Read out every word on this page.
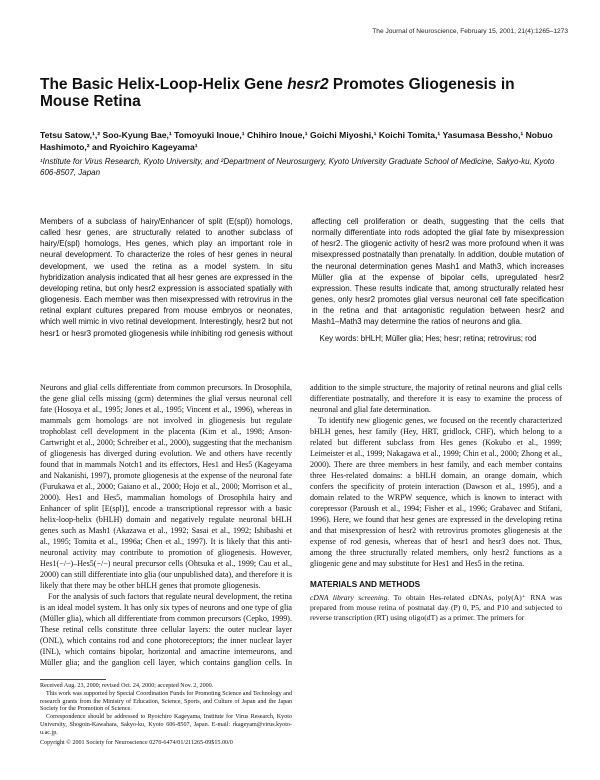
The Journal of Neuroscience, February 15, 2001, 21(4):1265–1273
The Basic Helix-Loop-Helix Gene hesr2 Promotes Gliogenesis in Mouse Retina
Tetsu Satow,¹,² Soo-Kyung Bae,¹ Tomoyuki Inoue,¹ Chihiro Inoue,¹ Goichi Miyoshi,¹ Koichi Tomita,¹ Yasumasa Bessho,¹ Nobuo Hashimoto,² and Ryoichiro Kageyama¹
¹Institute for Virus Research, Kyoto University, and ²Department of Neurosurgery, Kyoto University Graduate School of Medicine, Sakyo-ku, Kyoto 606-8507, Japan

Members of a subclass of hairy/Enhancer of split (E(spl)) homologs, called hesr genes, are structurally related to another subclass of hairy/E(spl) homologs, Hes genes, which play an important role in neural development. To characterize the roles of hesr genes in neural development, we used the retina as a model system. In situ hybridization analysis indicated that all hesr genes are expressed in the developing retina, but only hesr2 expression is associated spatially with gliogenesis. Each member was then misexpressed with retrovirus in the retinal explant cultures prepared from mouse embryos or neonates, which well mimic in vivo retinal development. Interestingly, hesr2 but not hesr1 or hesr3 promoted gliogenesis while inhibiting rod genesis without affecting cell proliferation or death, suggesting that the cells that normally differentiate into rods adopted the glial fate by misexpression of hesr2. The gliogenic activity of hesr2 was more profound when it was misexpressed postnatally than prenatally. In addition, double mutation of the neuronal determination genes Mash1 and Math3, which increases Müller glia at the expense of bipolar cells, upregulated hesr2 expression. These results indicate that, among structurally related hesr genes, only hesr2 promotes glial versus neuronal cell fate specification in the retina and that antagonistic regulation between hesr2 and Mash1–Math3 may determine the ratios of neurons and glia.

Key words: bHLH; Müller glia; Hes; hesr; retina; retrovirus; rod

Neurons and glial cells differentiate from common precursors. In Drosophila, the gene glial cells missing (gcm) determines the glial versus neuronal cell fate (Hosoya et al., 1995; Jones et al., 1995; Vincent et al., 1996), whereas in mammals gcm homologs are not involved in gliogenesis but regulate trophoblast cell development in the placenta (Kim et al., 1998; Anson-Cartwright et al., 2000; Schreiber et al., 2000), suggesting that the mechanism of gliogenesis has diverged during evolution. We and others have recently found that in mammals Notch1 and its effectors, Hes1 and Hes5 (Kageyama and Nakanishi, 1997), promote gliogenesis at the expense of the neuronal fate (Furukawa et al., 2000; Gaiano et al., 2000; Hojo et al., 2000; Morrison et al., 2000). Hes1 and Hes5, mammalian homologs of Drosophila hairy and Enhancer of split [E(spl)], encode a transcriptional repressor with a basic helix-loop-helix (bHLH) domain and negatively regulate neuronal bHLH genes such as Mash1 (Akazawa et al., 1992; Sasai et al., 1992; Ishibashi et al., 1995; Tomita et al., 1996a; Chen et al., 1997). It is likely that this anti-neuronal activity may contribute to promotion of gliogenesis. However, Hes1(−/−)–Hes5(−/−) neural precursor cells (Ohtsuka et al., 1999; Cau et al., 2000) can still differentiate into glia (our unpublished data), and therefore it is likely that there may be other bHLH genes that promote gliogenesis.

For the analysis of such factors that regulate neural development, the retina is an ideal model system. It has only six types of neurons and one type of glia (Müller glia), which all differentiate from common precursors (Cepko, 1999). These retinal cells constitute three cellular layers: the outer nuclear layer (ONL), which contains rod and cone photoreceptors; the inner nuclear layer (INL), which contains bipolar, horizontal and amacrine interneurons, and Müller glia; and the ganglion cell layer, which contains ganglion cells. In addition to the simple structure, the majority of retinal neurons and glial cells differentiate postnatally, and therefore it is easy to examine the process of neuronal and glial fate determination.

To identify new gliogenic genes, we focused on the recently characterized bHLH genes, hesr family (Hey, HRT, gridlock, CHF), which belong to a related but different subclass from Hes genes (Kokubo et al., 1999; Leimeister et al., 1999; Nakagawa et al., 1999; Chin et al., 2000; Zhong et al., 2000). There are three members in hesr family, and each member contains three Hes-related domains: a bHLH domain, an orange domain, which confers the specificity of protein interaction (Dawson et al., 1995), and a domain related to the WRPW sequence, which is known to interact with corepressor (Paroush et al., 1994; Fisher et al., 1996; Grabavec and Stifani, 1996). Here, we found that hesr genes are expressed in the developing retina and that misexpression of hesr2 with retrovirus promotes gliogenesis at the expense of rod genesis, whereas that of hesr1 and hesr3 does not. Thus, among the three structurally related members, only hesr2 functions as a gliogenic gene and may substitute for Hes1 and Hes5 in the retina.

MATERIALS AND METHODS

cDNA library screening. To obtain Hes-related cDNAs, poly(A)⁺ RNA was prepared from mouse retina of postnatal day (P) 0, P5, and P10 and subjected to reverse transcription (RT) using oligo(dT) as a primer. The primers for

Received Aug. 23, 2000; revised Oct. 24, 2000; accepted Nov. 2, 2000.

This work was supported by Special Coordination Funds for Promoting Science and Technology and research grants from the Ministry of Education, Science, Sports, and Culture of Japan and the Japan Society for the Promotion of Science.

Correspondence should be addressed to Ryoichiro Kageyama, Institute for Virus Research, Kyoto University, Shogoin-Kawahara, Sakyo-ku, Kyoto 606-8507, Japan. E-mail: rkageyam@virus.kyoto-u.ac.jp.

Copyright © 2001 Society for Neuroscience 0270-6474/01/211265-09$15.00/0
